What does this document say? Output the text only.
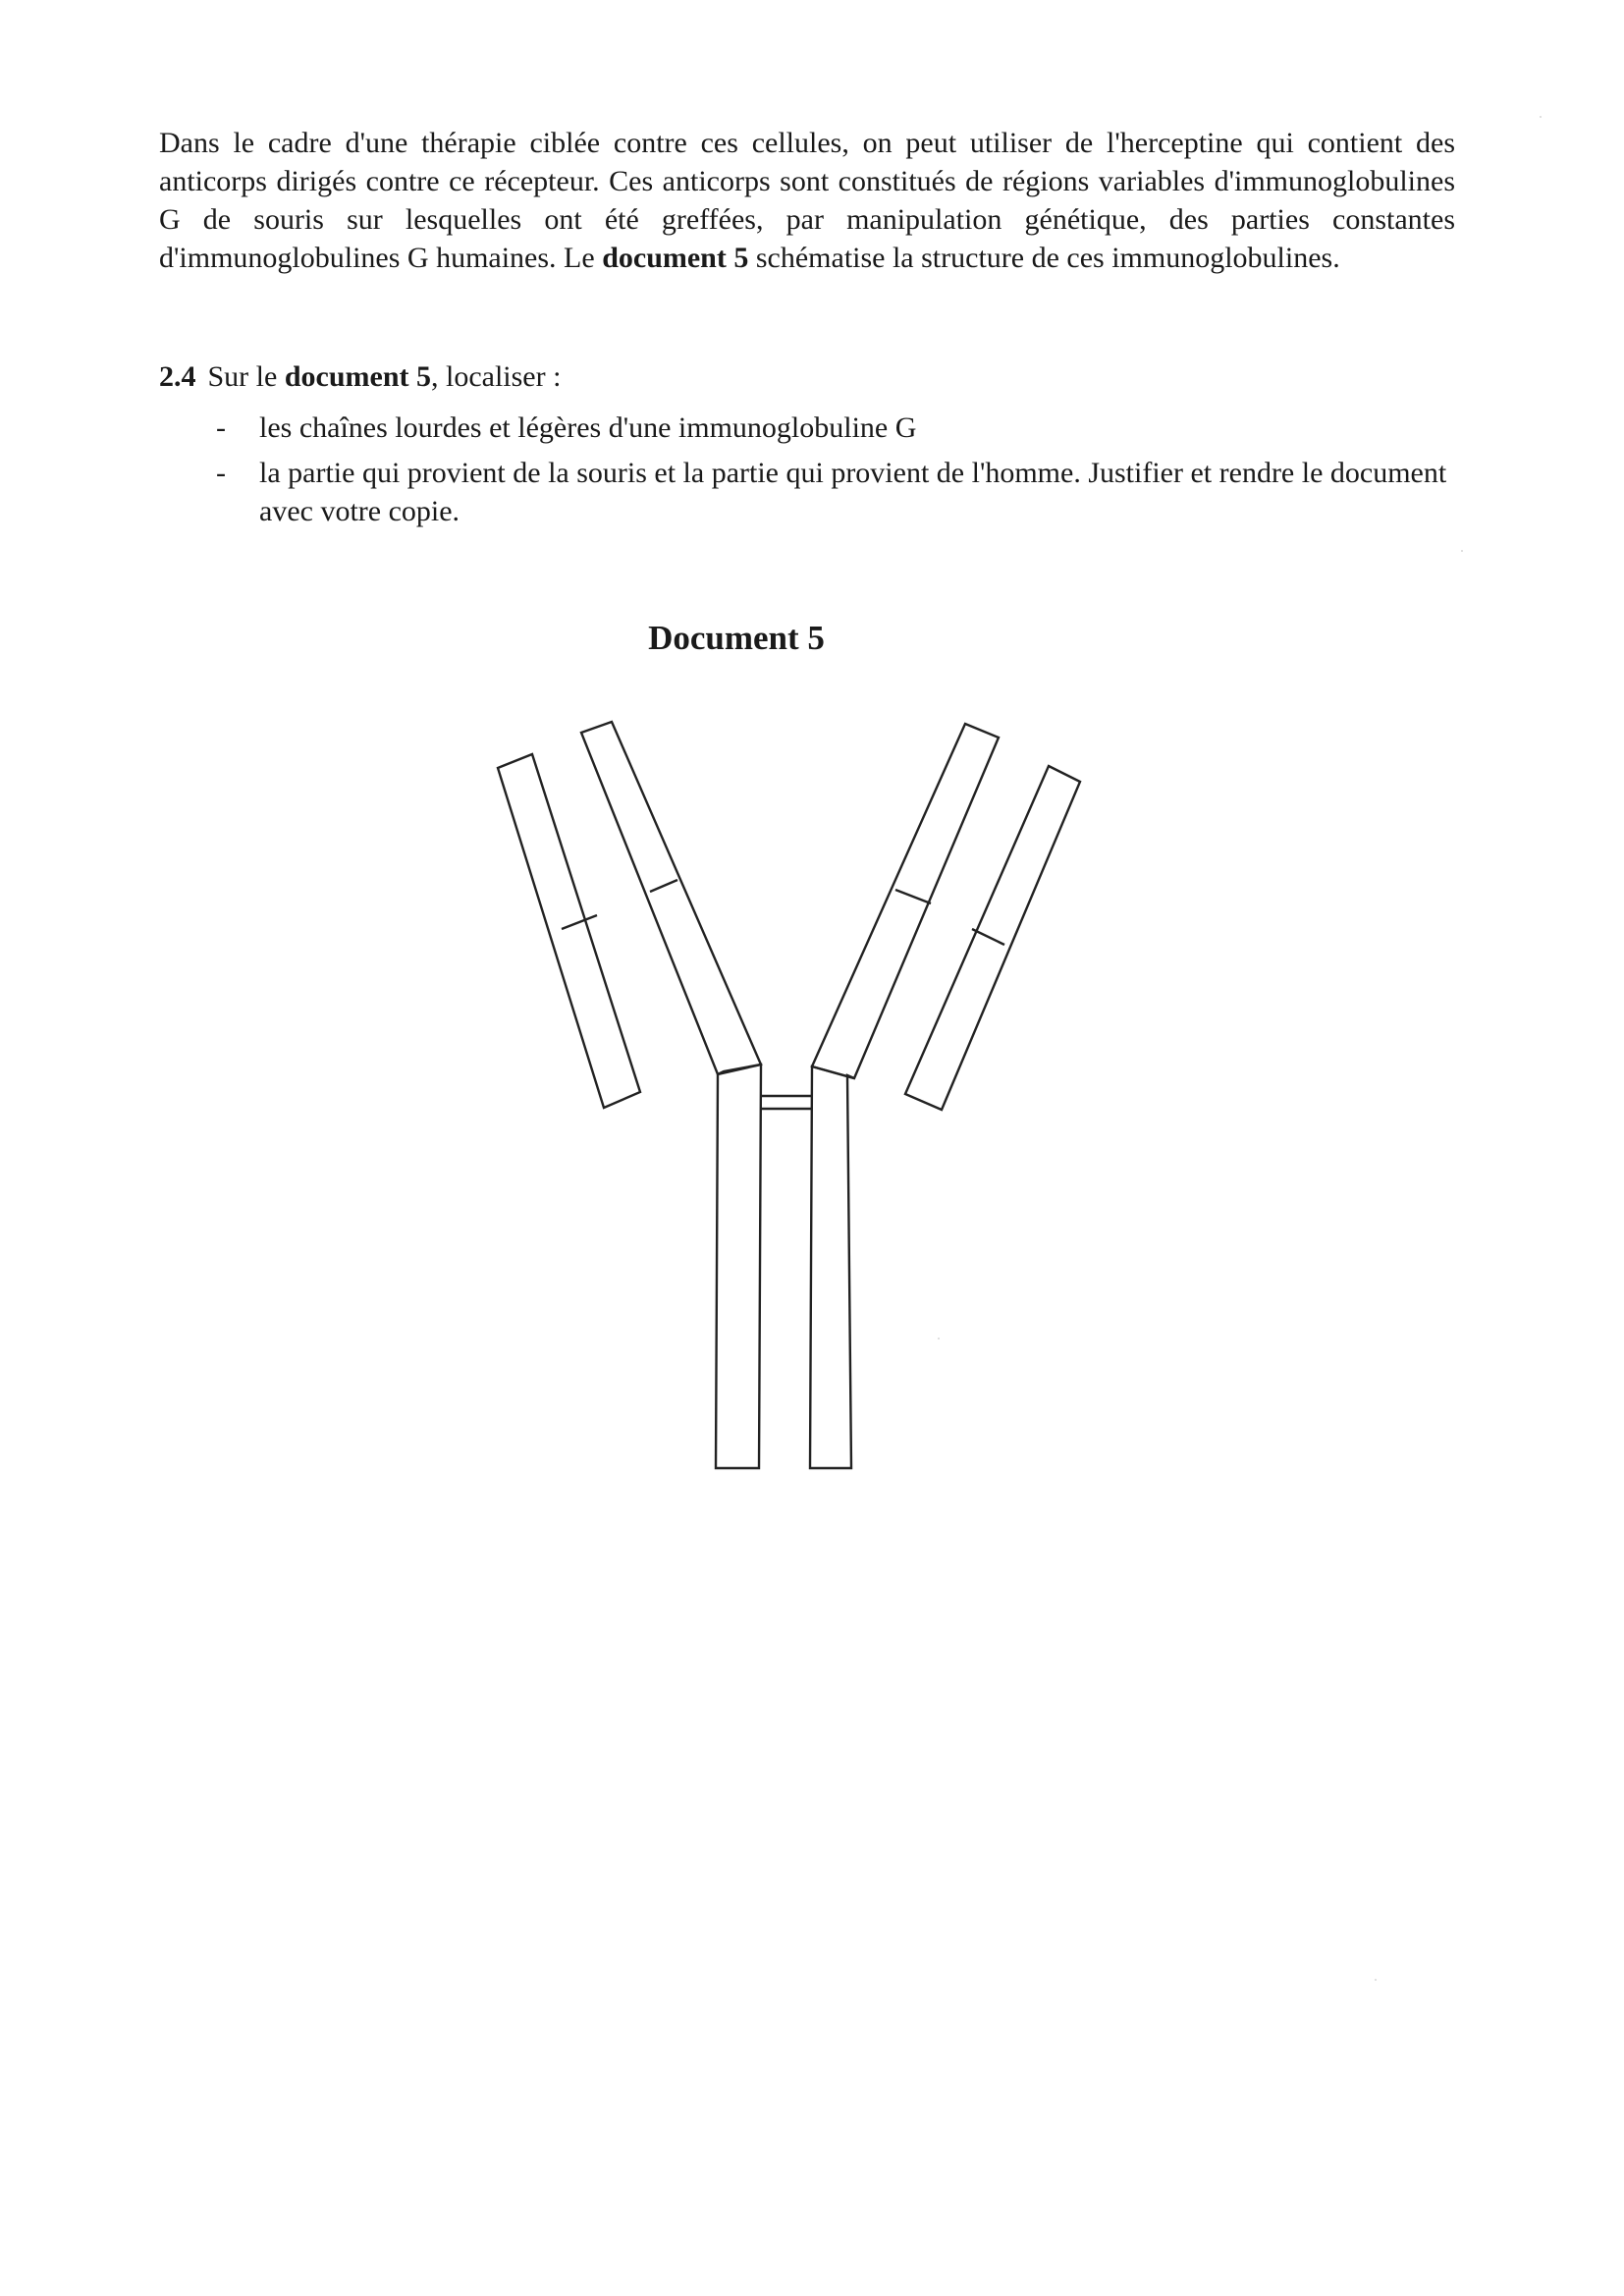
Dans le cadre d'une thérapie ciblée contre ces cellules, on peut utiliser de l'herceptine qui contient des anticorps dirigés contre ce récepteur. Ces anticorps sont constitués de régions variables d'immunoglobulines G de souris sur lesquelles ont été greffées, par manipulation génétique, des parties constantes d'immunoglobulines G humaines. Le document 5 schématise la structure de ces immunoglobulines.

2.4 Sur le document 5, localiser :

- les chaînes lourdes et légères d'une immunoglobuline G
- la partie qui provient de la souris et la partie qui provient de l'homme. Justifier et rendre le document avec votre copie.
Document 5
